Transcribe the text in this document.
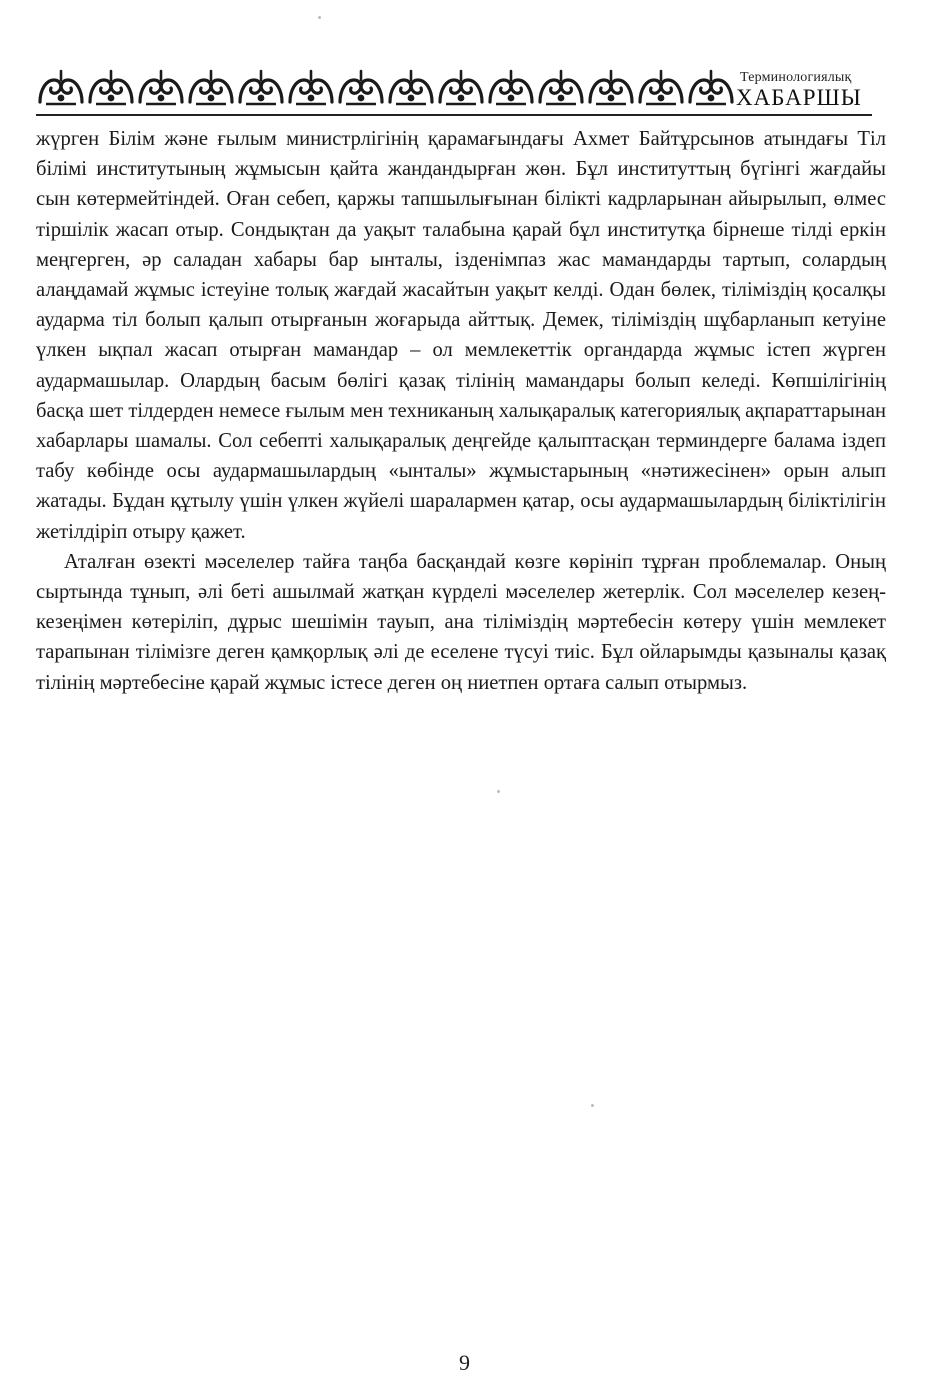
Терминологиялық
ХАБАРШЫ

жүрген Білім және ғылым министрлігінің қарамағындағы Ахмет Байтұрсынов атындағы Тіл білімі институтының жұмысын қайта жандандырған жөн. Бұл институттың бүгінгі жағдайы сын көтермейтіндей. Оған себеп, қаржы тапшылығынан білікті кадрларынан айырылып, өлмес тіршілік жасап отыр. Сондықтан да уақыт талабына қарай бұл институтқа бірнеше тілді еркін меңгерген, әр саладан хабары бар ынталы, ізденімпаз жас мамандарды тартып, солардың алаңдамай жұмыс істеуіне толық жағдай жасайтын уақыт келді. Одан бөлек, тіліміздің қосалқы аударма тіл болып қалып отырғанын жоғарыда айттық. Демек, тіліміздің шұбарланып кетуіне үлкен ықпал жасап отырған мамандар – ол мемлекеттік органдарда жұмыс істеп жүрген аудармашылар. Олардың басым бөлігі қазақ тілінің мамандары болып келеді. Көпшілігінің басқа шет тілдерден немесе ғылым мен техниканың халықаралық категориялық ақпараттарынан хабарлары шамалы. Сол себепті халықаралық деңгейде қалыптасқан терминдерге балама іздеп табу көбінде осы аудармашылардың «ынталы» жұмыстарының «нәтижесінен» орын алып жатады. Бұдан құтылу үшін үлкен жүйелі шаралармен қатар, осы аудармашылардың біліктілігін жетілдіріп отыру қажет.

Аталған өзекті мәселелер тайға таңба басқандай көзге көрініп тұрған проблемалар. Оның сыртында тұнып, әлі беті ашылмай жатқан күрделі мәселелер жетерлік. Сол мәселелер кезең-кезеңімен көтеріліп, дұрыс шешімін тауып, ана тіліміздің мәртебесін көтеру үшін мемлекет тарапынан тілімізге деген қамқорлық әлі де еселене түсуі тиіс. Бұл ойларымды қазыналы қазақ тілінің мәртебесіне қарай жұмыс істесе деген оң ниетпен ортаға салып отырмыз.

9
